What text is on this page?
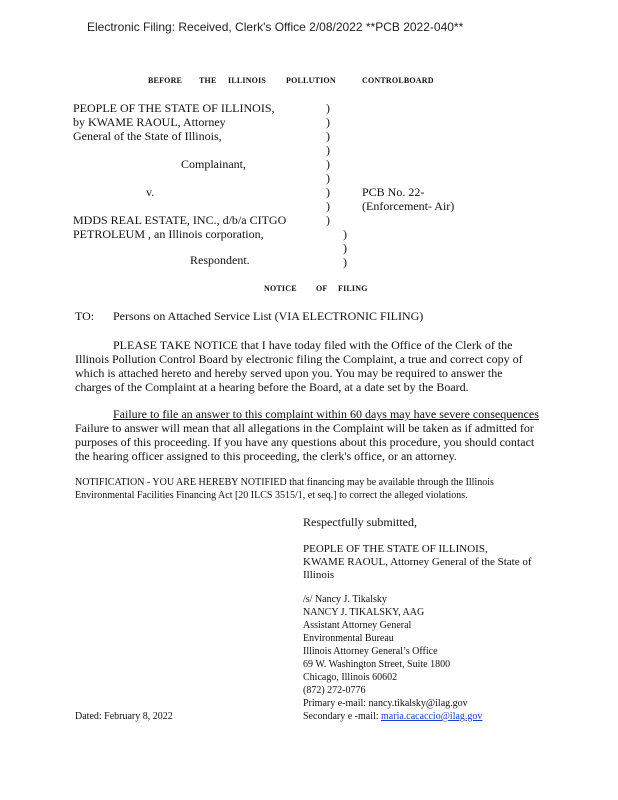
Electronic Filing: Received, Clerk's Office 2/08/2022 **PCB 2022-040**
BEFORE THE ILLINOIS POLLUTION	CONTROLBOARD
PEOPLE OF THE STATE OF ILLINOIS,
by KWAME RAOUL, Attorney
General of the State of Illinois,
Complainant,
v.	PCB No. 22-
(Enforcement- Air)
MDDS REAL ESTATE, INC., d/b/a CITGO
PETROLEUM , an Illinois corporation,
Respondent.
)
)
)
)
)
)
)
)
)
)
)
)
NOTICE OF FILING
TO: Persons on Attached Service List (VIA ELECTRONIC FILING)
PLEASE TAKE NOTICE that I have today filed with the Office of the Clerk of the
Illinois Pollution Control Board by electronic filing the Complaint, a true and correct copy of
which is attached hereto and hereby served upon you. You may be required to answer the
charges of the Complaint at a hearing before the Board, at a date set by the Board.
Failure to file an answer to this complaint within 60 days may have severe consequences
Failure to answer will mean that all allegations in the Complaint will be taken as if admitted for
purposes of this proceeding. If you have any questions about this procedure, you should contact
the hearing officer assigned to this proceeding, the clerk's office, or an attorney.
NOTIFICATION - YOU ARE HEREBY NOTIFIED that financing may be available through the Illinois
Environmental Facilities Financing Act [20 ILCS 3515/1, et seq.] to correct the alleged violations.
Respectfully submitted,
PEOPLE OF THE STATE OF ILLINOIS,
KWAME RAOUL, Attorney General of the State of
Illinois
/s/ Nancy J. Tikalsky
NANCY J. TIKALSKY, AAG
Assistant Attorney General
Environmental Bureau
Illinois Attorney General’s Office
69 W. Washington Street, Suite 1800
Chicago, Illinois 60602
(872) 272-0776
Primary e-mail: nancy.tikalsky@ilag.gov
Secondary e -mail: maria.cacaccio@ilag.gov
Dated: February 8, 2022
